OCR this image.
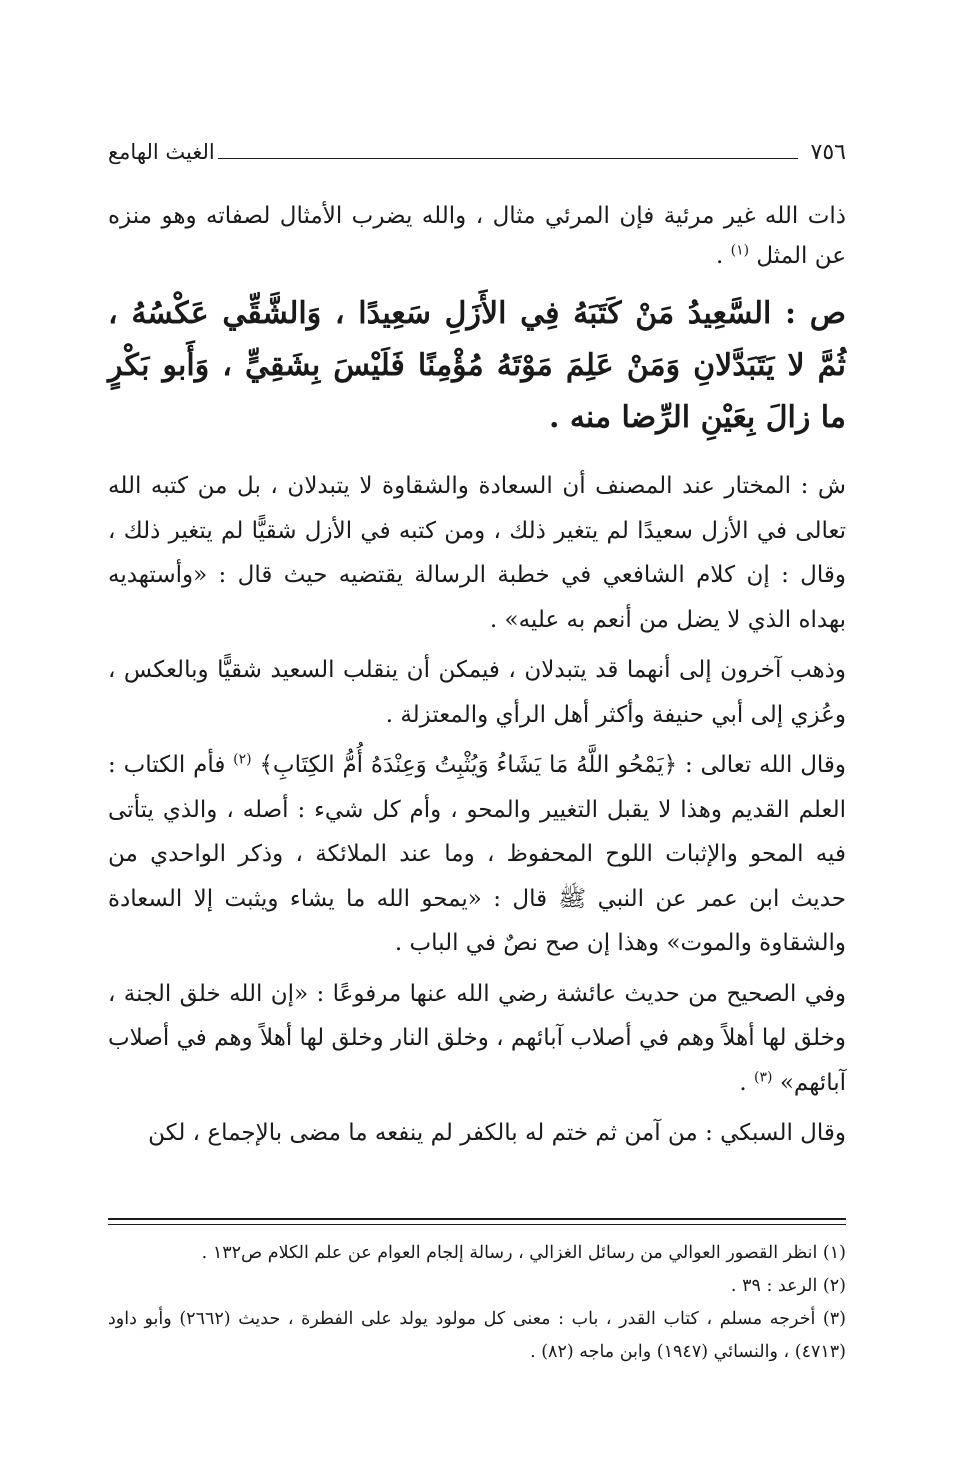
٧٥٦
الغيث الهامع

ذات الله غير مرئية فإن المرئي مثال ، والله يضرب الأمثال لصفاته وهو منزه عن المثل $^{(١)}$ .

ص : السَّعِيدُ مَنْ كَتَبَهُ فِي الأَزَلِ سَعِيدًا ، وَالشَّقِّي عَكْسُهُ ، ثُمَّ لا يَتَبَدَّلانِ وَمَنْ عَلِمَ مَوْتَهُ مُؤْمِنًا فَلَيْسَ بِشَقِيٍّ ، وَأَبو بَكْرٍ ما زالَ بِعَيْنِ الرِّضا منه .

ش : المختار عند المصنف أن السعادة والشقاوة لا يتبدلان ، بل من كتبه الله تعالى في الأزل سعيدًا لم يتغير ذلك ، ومن كتبه في الأزل شقيًّا لم يتغير ذلك ، وقال : إن كلام الشافعي في خطبة الرسالة يقتضيه حيث قال : «وأستهديه بهداه الذي لا يضل من أنعم به عليه» .

وذهب آخرون إلى أنهما قد يتبدلان ، فيمكن أن ينقلب السعيد شقيًّا وبالعكس ، وعُزي إلى أبي حنيفة وأكثر أهل الرأي والمعتزلة .

وقال الله تعالى : ﴿يَمْحُو اللَّهُ مَا يَشَاءُ وَيُثْبِتُ وَعِنْدَهُ أُمُّ الكِتَابِ﴾ $^{(٢)}$ فأم الكتاب : العلم القديم وهذا لا يقبل التغيير والمحو ، وأم كل شيء : أصله ، والذي يتأتى فيه المحو والإثبات اللوح المحفوظ ، وما عند الملائكة ، وذكر الواحدي من حديث ابن عمر عن النبي ﷺ قال : «يمحو الله ما يشاء ويثبت إلا السعادة والشقاوة والموت» وهذا إن صح نصٌ في الباب .

وفي الصحيح من حديث عائشة رضي الله عنها مرفوعًا : «إن الله خلق الجنة ، وخلق لها أهلاً وهم في أصلاب آبائهم ، وخلق النار وخلق لها أهلاً وهم في أصلاب آبائهم» $^{(٣)}$ .

وقال السبكي : من آمن ثم ختم له بالكفر لم ينفعه ما مضى بالإجماع ، لكن

(١) انظر القصور العوالي من رسائل الغزالي ، رسالة إلجام العوام عن علم الكلام ص١٣٢ .

(٢) الرعد : ٣٩ .

(٣) أخرجه مسلم ، كتاب القدر ، باب : معنى كل مولود يولد على الفطرة ، حديث (٢٦٦٢) وأبو داود (٤٧١٣) ، والنسائي (١٩٤٧) وابن ماجه (٨٢) .
